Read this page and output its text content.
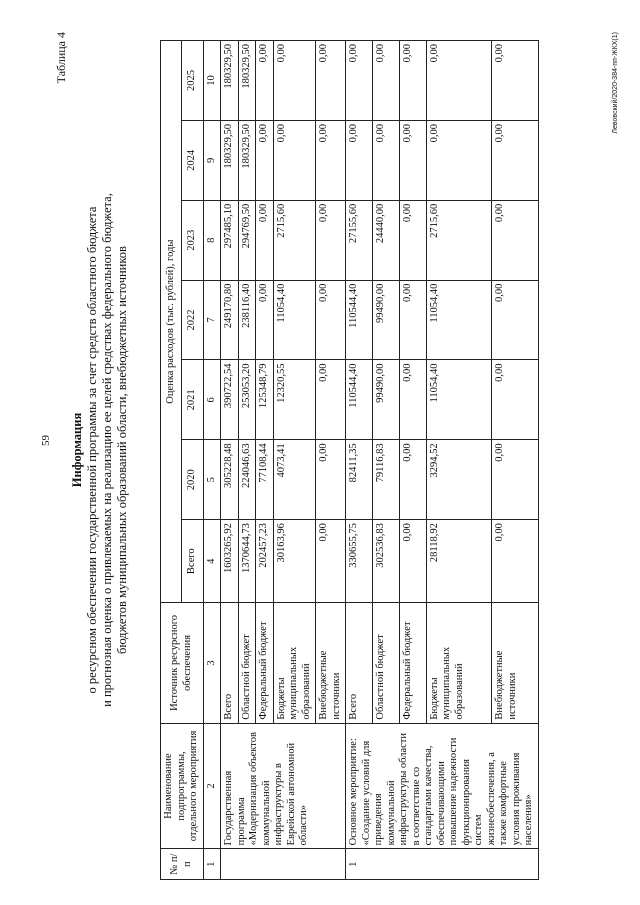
59
Таблица 4
Информация о ресурсном обеспечении государственной программы за счет средств областного бюджета и прогнозная оценка о привлекаемых на реализацию ее целей средствах федерального бюджета, бюджетов муниципальных образований области, внебюджетных источников
№ п/п	Наименование подпрограммы, отдельного мероприятия	Источник ресурсного обеспечения	Оценка расходов (тыс. рублей), годы						
			Всего	2020	2021	2022	2023	2024	2025
1	2	3	4	5	6	7	8	9	10
	Государственная программа «Модернизация объектов коммунальной инфраструктуры в Еврейской автономной области»	Всего	1603265,92	305228,48	390722,54	249170,80	297485,10	180329,50	180329,50
		Областной бюджет	1370644,73	224046,63	253053,20	238116,40	294769,50	180329,50	180329,50
		Федеральный бюджет	202457,23	77108,44	125348,79	0,00	0,00	0,00	0,00
		Бюджеты муниципальных образований	30163,96	4073,41	12320,55	11054,40	2715,60	0,00	0,00
		Внебюджетные источники	0,00	0,00	0,00	0,00	0,00	0,00	0,00
1	Основное мероприятие: «Создание условий для приведения коммунальной инфраструктуры области в соответствие со стандартами качества, обеспечивающими повышение надежности функционирования систем жизнеобеспечения, а также комфортные условия проживания населения»	Всего	330655,75	82411,35	110544,40	110544,40	27155,60	0,00	0,00
		Областной бюджет	302536,83	79116,83	99490,00	99490,00	24440,00	0,00	0,00
		Федеральный бюджет	0,00	0,00	0,00	0,00	0,00	0,00	0,00
		Бюджеты муниципальных образований	28118,92	3294,52	11054,40	11054,40	2715,60	0,00	0,00
		Внебюджетные источники	0,00	0,00	0,00	0,00	0,00	0,00	0,00	Левовский/2020-384-пп-ЖКХ(1)
